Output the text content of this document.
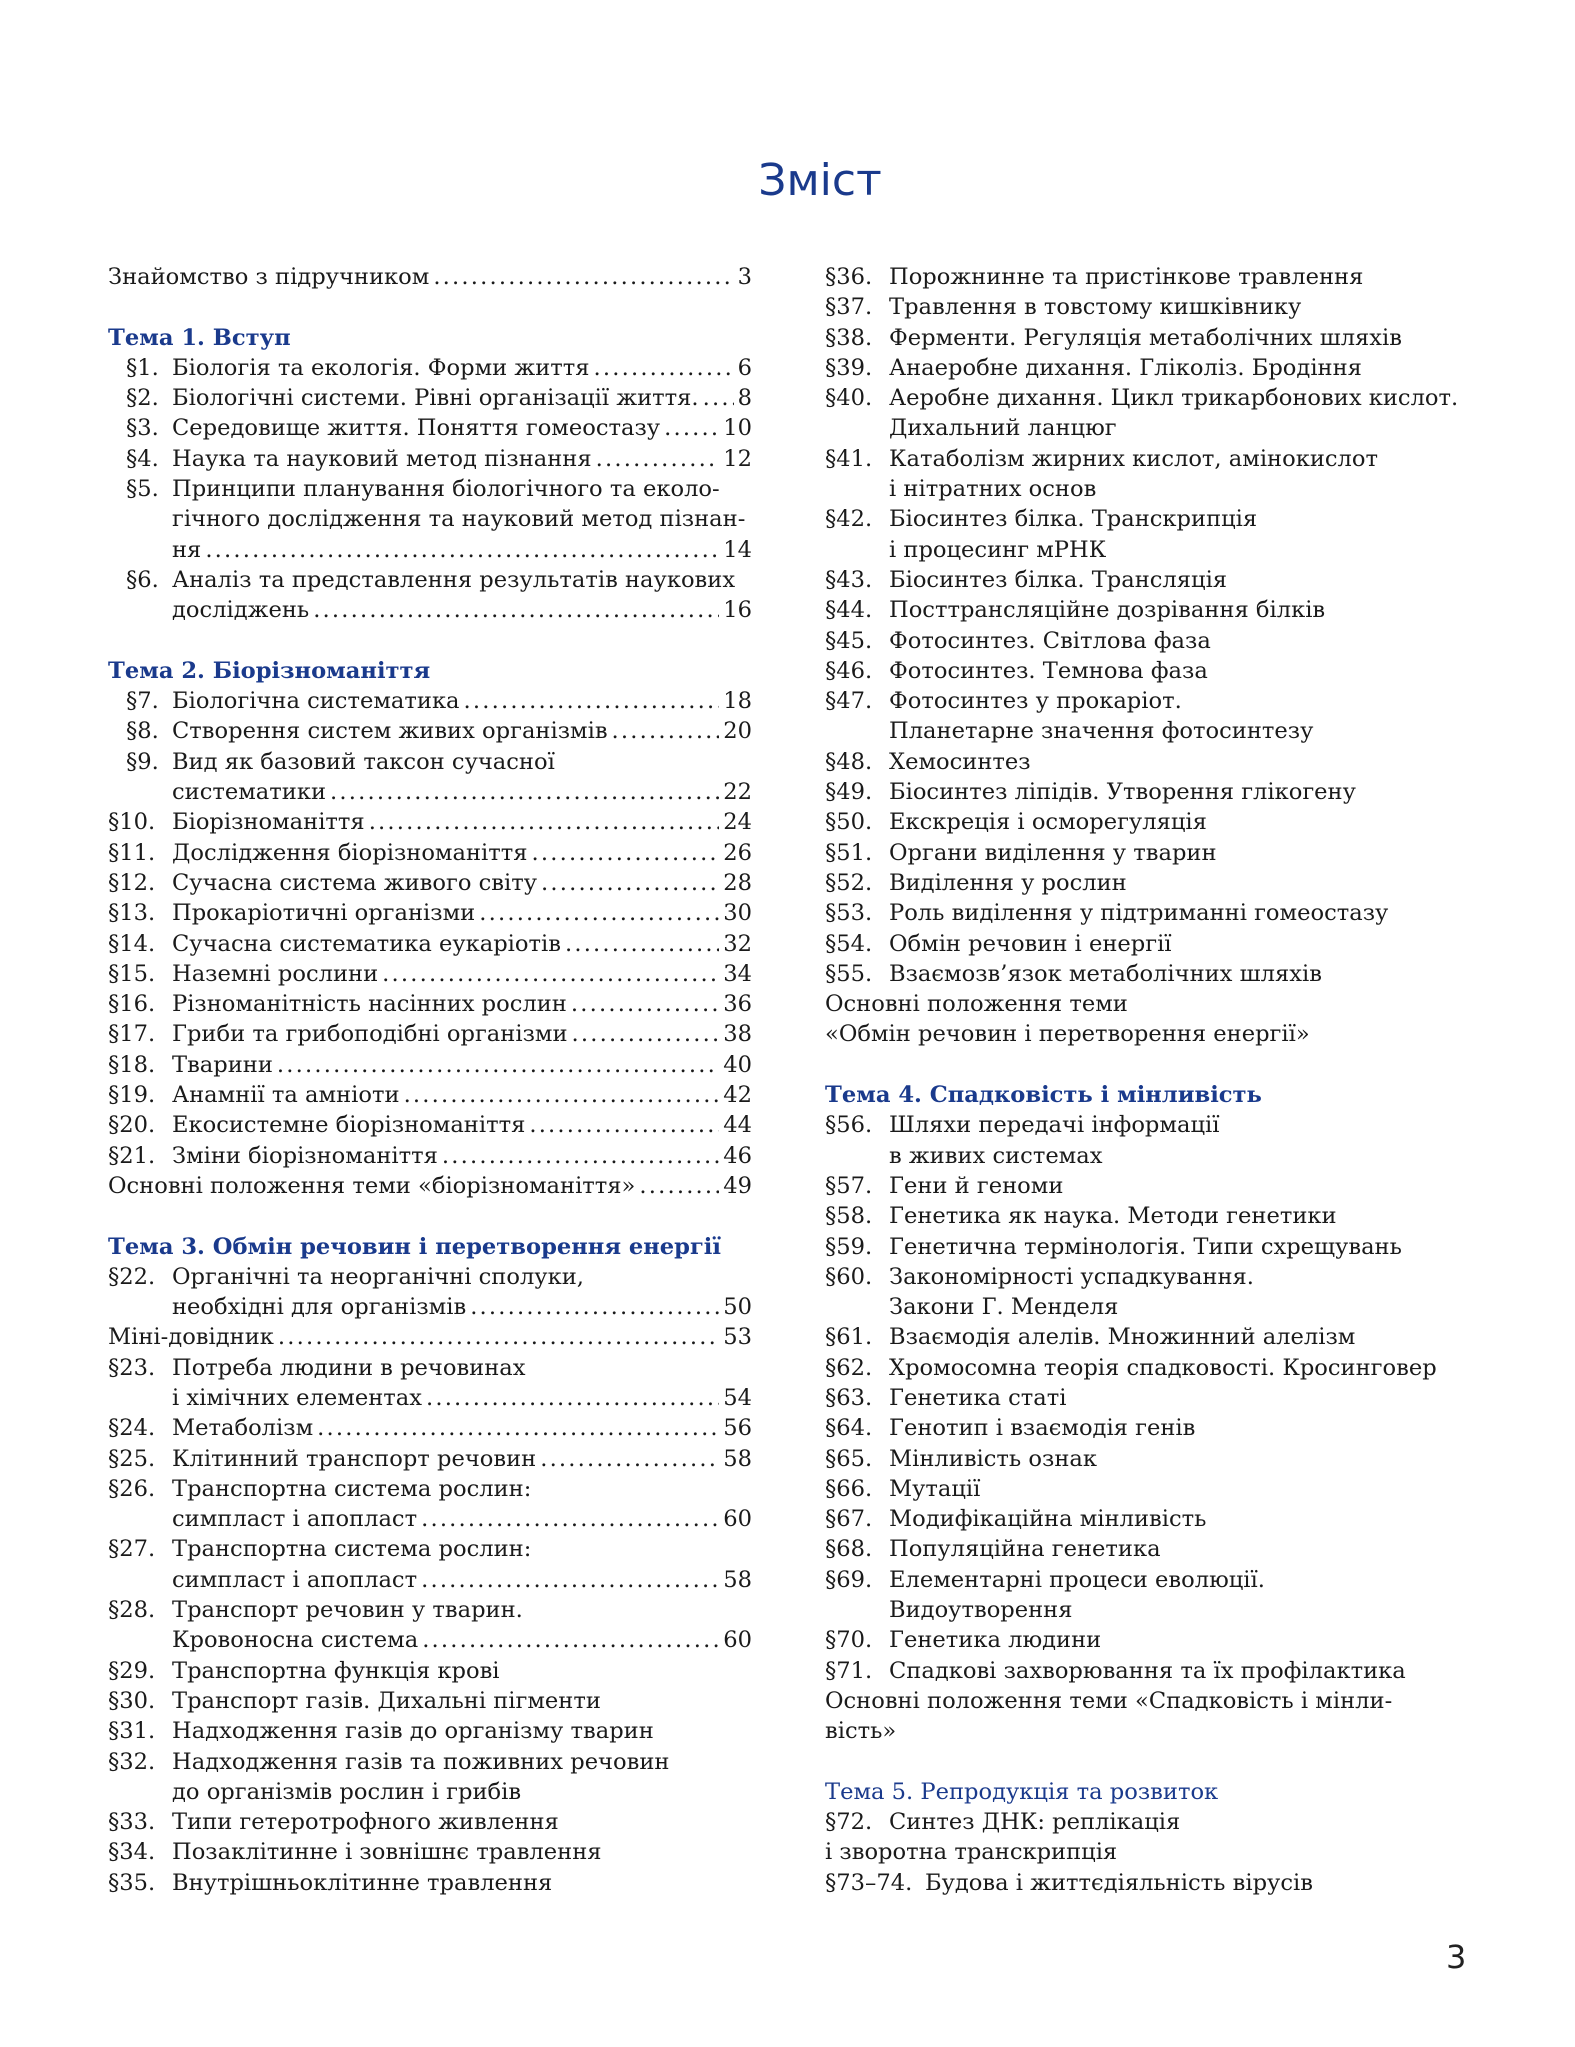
Зміст
Знайомство з підручником . . .	3
Тема 1. Вступ
§1. Біологія та екологія. Форми життя . . .	6
§2. Біологічні системи. Рівні організації життя. . . . 8
§3. Середовище життя. Поняття гомеостазу . . .	10
§4. Наука та науковий метод пізнання . . .	12
§5. Принципи планування біологічного та еколо-
гічного дослідження та науковий метод пізнан-
ня . . .	14
§6. Аналіз та представлення результатів наукових
досліджень . . .	16
Тема 2. Біорізноманіття
§7. Біологічна систематика . . .	18
§8. Створення систем живих організмів . . .	20
§9. Вид як базовий таксон сучасної
систематики . . .	22
§10. Біорізноманіття . . .	24
§11. Дослідження біорізноманіття . . .	26
§12. Сучасна система живого світу . . .	28
§13. Прокаріотичні організми . . .	30
§14. Сучасна систематика еукаріотів . . .	32
§15. Наземні рослини . . .	34
§16. Різноманітність насінних рослин . . .	36
§17. Гриби та грибоподібні організми . . .	38
§18. Тварини . . .	40
§19. Анамнії та амніоти . . .	42
§20. Екосистемне біорізноманіття . . .	44
§21. Зміни біорізноманіття . . .	46
Основні положення теми «біорізноманіття» . . .	49
Тема 3. Обмін речовин і перетворення енергії
§22. Органічні та неорганічні сполуки,
необхідні для організмів . . .	50
Міні-довідник . . .	53
§23. Потреба людини в речовинах
і хімічних елементах . . .	54
§24. Метаболізм . . .	56
§25. Клітинний транспорт речовин . . .	58
§26. Транспортна система рослин:
симпласт і апопласт . . .	60
§27. Транспортна система рослин:
симпласт і апопласт . . .	58
§28. Транспорт речовин у тварин.
Кровоносна система . . .	60
§29. Транспортна функція крові
§30. Транспорт газів. Дихальні пігменти
§31. Надходження газів до організму тварин
§32. Надходження газів та поживних речовин
до організмів рослин і грибів
§33. Типи гетеротрофного живлення
§34. Позаклітинне і зовнішнє травлення
§35. Внутрішньоклітинне травлення
§36. Порожнинне та пристінкове травлення
§37. Травлення в товстому кишківнику
§38. Ферменти. Регуляція метаболічних шляхів
§39. Анаеробне дихання. Гліколіз. Бродіння
§40. Аеробне дихання. Цикл трикарбонових кислот.
Дихальний ланцюг
§41. Катаболізм жирних кислот, амінокислот
і нітратних основ
§42. Біосинтез білка. Транскрипція
і процесинг мРНК
§43. Біосинтез білка. Трансляція
§44. Посттрансляційне дозрівання білків
§45. Фотосинтез. Світлова фаза
§46. Фотосинтез. Темнова фаза
§47. Фотосинтез у прокаріот.
Планетарне значення фотосинтезу
§48. Хемосинтез
§49. Біосинтез ліпідів. Утворення глікогену
§50. Екскреція і осморегуляція
§51. Органи виділення у тварин
§52. Виділення у рослин
§53. Роль виділення у підтриманні гомеостазу
§54. Обмін речовин і енергії
§55. Взаємозв’язок метаболічних шляхів
Основні положення теми
«Обмін речовин і перетворення енергії»
Тема 4. Спадковість і мінливість
§56. Шляхи передачі інформації
в живих системах
§57. Гени й геноми
§58. Генетика як наука. Методи генетики
§59. Генетична термінологія. Типи схрещувань
§60. Закономірності успадкування.
Закони Г. Менделя
§61. Взаємодія алелів. Множинний алелізм
§62. Хромосомна теорія спадковості. Кросинговер
§63. Генетика статі
§64. Генотип і взаємодія генів
§65. Мінливість ознак
§66. Мутації
§67. Модифікаційна мінливість
§68. Популяційна генетика
§69. Елементарні процеси еволюції.
Видоутворення
§70. Генетика людини
§71. Спадкові захворювання та їх профілактика
Основні положення теми «Спадковість і мінли-
вість»
Тема 5. Репродукція та розвиток
§72. Синтез ДНК: реплікація
і зворотна транскрипція
§73–74. Будова і життєдіяльність вірусів
3
